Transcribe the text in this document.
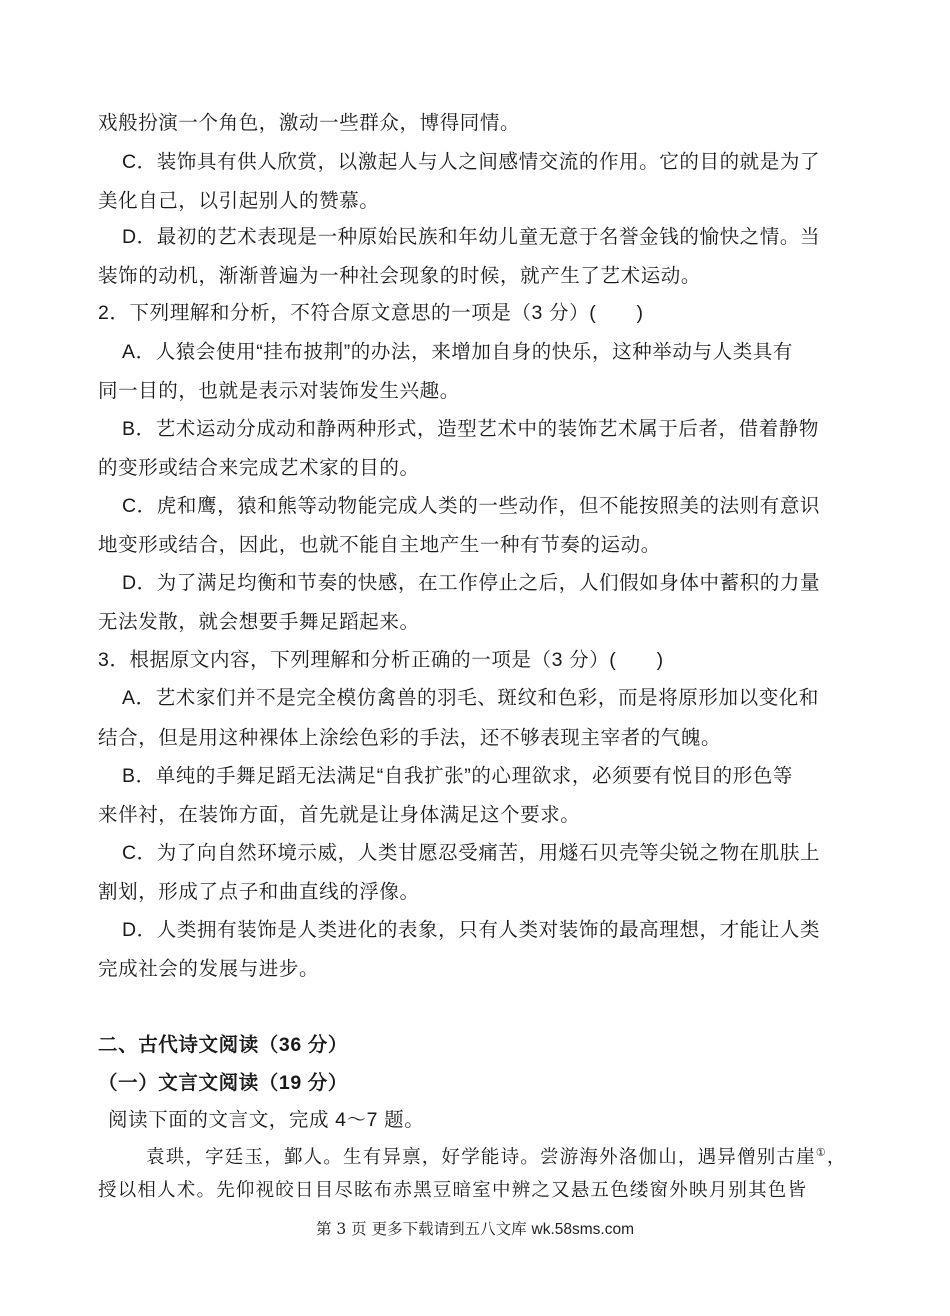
戏般扮演一个角色，激动一些群众，博得同情。
C．装饰具有供人欣赏，以激起人与人之间感情交流的作用。它的目的就是为了
美化自己，以引起别人的赞慕。
D．最初的艺术表现是一种原始民族和年幼儿童无意于名誉金钱的愉快之情。当
装饰的动机，渐渐普遍为一种社会现象的时候，就产生了艺术运动。
2．下列理解和分析，不符合原文意思的一项是（3 分）(　　)
A．人猿会使用“挂布披荆”的办法，来增加自身的快乐，这种举动与人类具有
同一目的，也就是表示对装饰发生兴趣。
B．艺术运动分成动和静两种形式，造型艺术中的装饰艺术属于后者，借着静物
的变形或结合来完成艺术家的目的。
C．虎和鹰，猿和熊等动物能完成人类的一些动作，但不能按照美的法则有意识
地变形或结合，因此，也就不能自主地产生一种有节奏的运动。
D．为了满足均衡和节奏的快感，在工作停止之后，人们假如身体中蓄积的力量
无法发散，就会想要手舞足蹈起来。
3．根据原文内容，下列理解和分析正确的一项是（3 分）(　　)
A．艺术家们并不是完全模仿禽兽的羽毛、斑纹和色彩，而是将原形加以变化和
结合，但是用这种裸体上涂绘色彩的手法，还不够表现主宰者的气魄。
B．单纯的手舞足蹈无法满足“自我扩张”的心理欲求，必须要有悦目的形色等
来伴衬，在装饰方面，首先就是让身体满足这个要求。
C．为了向自然环境示威，人类甘愿忍受痛苦，用燧石贝壳等尖锐之物在肌肤上
割划，形成了点子和曲直线的浮像。
D．人类拥有装饰是人类进化的表象，只有人类对装饰的最高理想，才能让人类
完成社会的发展与进步。
二、古代诗文阅读（36 分）
（一）文言文阅读（19 分）
阅读下面的文言文，完成 4～7 题。
袁珙，字廷玉，鄞人。生有异禀，好学能诗。尝游海外洛伽山，遇异僧别古崖①，
授以相人术。先仰视皎日目尽眩布赤黑豆暗室中辨之又悬五色缕窗外映月别其色皆
第 3 页 更多下载请到五八文库 wk.58sms.com
